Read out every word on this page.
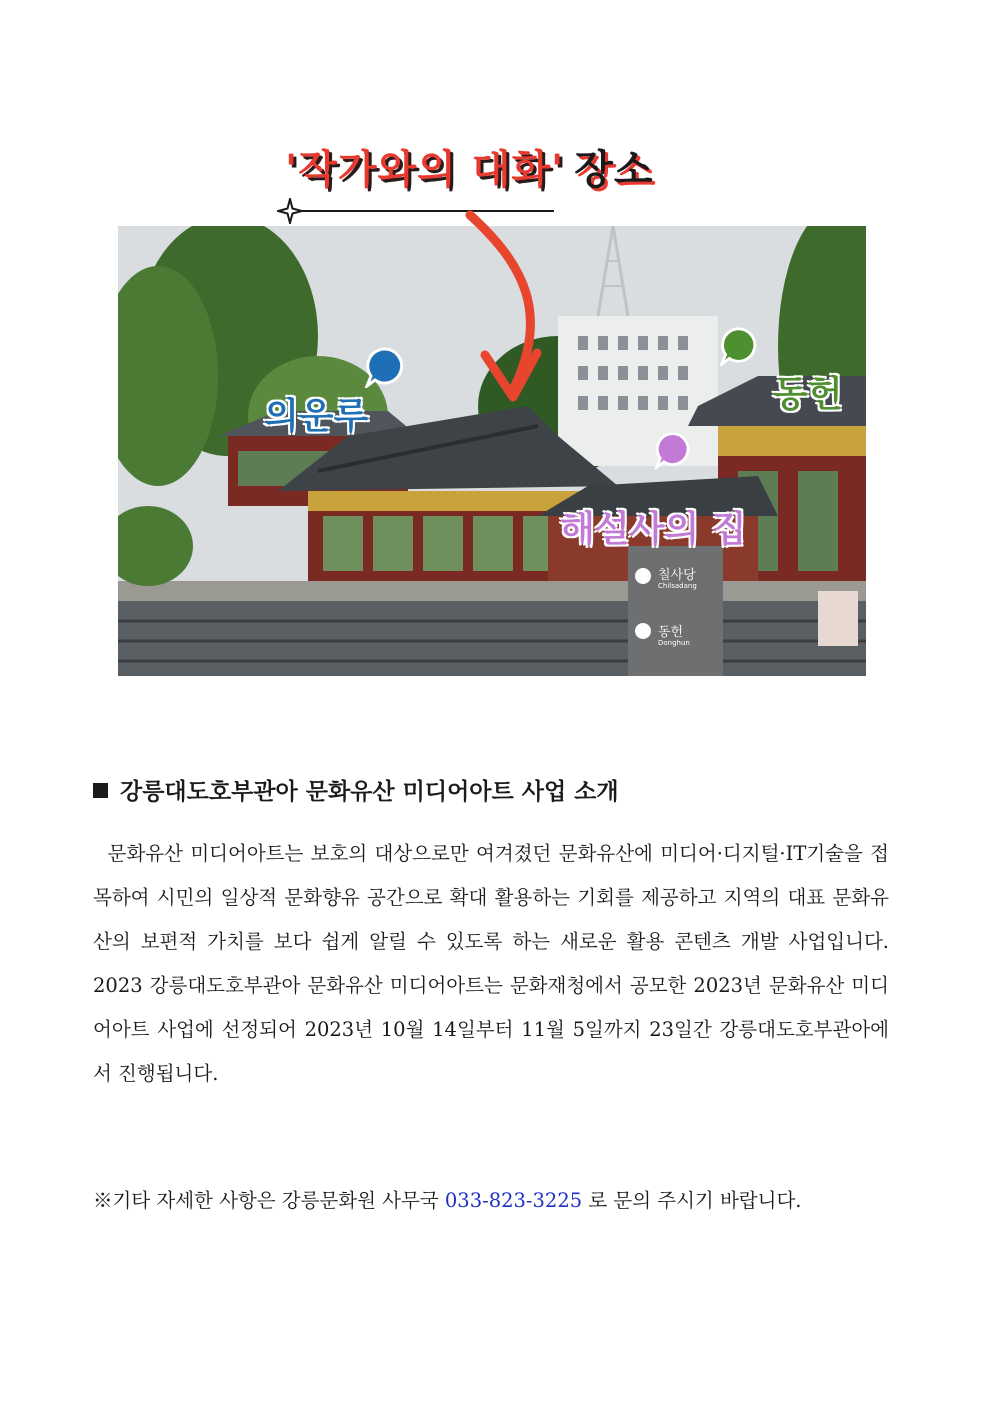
'작가와의 대화' 장소
의운루
동헌
해설사의 집
칠사당
Chilsadang
동헌
Donghun
강릉대도호부관아 문화유산 미디어아트 사업 소개

문화유산 미디어아트는 보호의 대상으로만 여겨졌던 문화유산에 미디어·디지털·IT기술을 접목하여 시민의 일상적 문화향유 공간으로 확대 활용하는 기회를 제공하고 지역의 대표 문화유산의 보편적 가치를 보다 쉽게 알릴 수 있도록 하는 새로운 활용 콘텐츠 개발 사업입니다. 2023 강릉대도호부관아 문화유산 미디어아트는 문화재청에서 공모한 2023년 문화유산 미디어아트 사업에 선정되어 2023년 10월 14일부터 11월 5일까지 23일간 강릉대도호부관아에서 진행됩니다.

※기타 자세한 사항은 강릉문화원 사무국 033-823-3225 로 문의 주시기 바랍니다.
